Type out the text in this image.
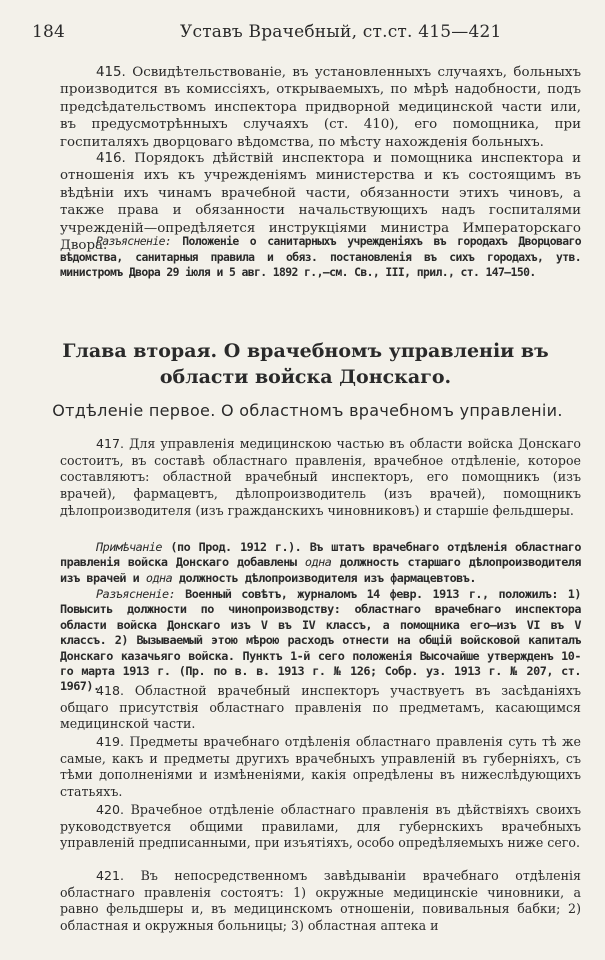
184	Уставъ Врачебный, ст.ст. 415—421

415. Освидѣтельствованіе, въ установленныхъ случаяхъ, больныхъ производится въ комиссіяхъ, открываемыхъ, по мѣрѣ надобности, подъ предсѣдательствомъ инспектора придворной медицинской части или, въ предусмотрѣнныхъ случаяхъ (ст. 410), его помощника, при госпиталяхъ дворцоваго вѣдомства, по мѣсту нахожденія больныхъ.

416. Порядокъ дѣйствій инспектора и помощника инспектора и отношенія ихъ къ учрежденіямъ министерства и къ состоящимъ въ вѣдѣніи ихъ чинамъ врачебной части, обязанности этихъ чиновъ, а также права и обязанности начальствующихъ надъ госпиталями учрежденій—опредѣляется инструкціями министра Императорскаго Двора.

Разъясненіе: Положеніе о санитарныхъ учрежденіяхъ въ городахъ Дворцоваго вѣдомства, санитарныя правила и обяз. постановленія въ сихъ городахъ, утв. министромъ Двора 29 іюля и 5 авг. 1892 г.,—см. Св., III, прил., ст. 147—150.

Глава вторая. О врачебномъ управленіи въ области войска Донскаго.
Отдѣленіе первое. О областномъ врачебномъ управленіи.

417. Для управленія медицинскою частью въ области войска Донскаго состоитъ, въ составѣ областнаго правленія, врачебное отдѣленіе, которое составляютъ: областной врачебный инспекторъ, его помощникъ (изъ врачей), фармацевтъ, дѣлопроизводитель (изъ врачей), помощникъ дѣлопроизводителя (изъ гражданскихъ чиновниковъ) и старшіе фельдшеры.

Примѣчаніе (по Прод. 1912 г.). Въ штатъ врачебнаго отдѣленія областнаго правленія войска Донскаго добавлены одна должность старшаго дѣлопроизводителя изъ врачей и одна должность дѣлопроизводителя изъ фармацевтовъ.

Разъясненіе: Военный совѣтъ, журналомъ 14 февр. 1913 г., положилъ: 1) Повысить должности по чинопроизводству: областнаго врачебнаго инспектора области войска Донскаго изъ V въ IV классъ, а помощника его—изъ VI въ V классъ. 2) Вызываемый этою мѣрою расходъ отнести на общій войсковой капиталъ Донскаго казачьяго войска. Пунктъ 1-й сего положенія Высочайше утвержденъ 10-го марта 1913 г. (Пр. по в. в. 1913 г. № 126; Собр. уз. 1913 г. № 207, ст. 1967).

418. Областной врачебный инспекторъ участвуетъ въ засѣданіяхъ общаго присутствія областнаго правленія по предметамъ, касающимся медицинской части.

419. Предметы врачебнаго отдѣленія областнаго правленія суть тѣ же самые, какъ и предметы другихъ врачебныхъ управленій въ губерніяхъ, съ тѣми дополненіями и измѣненіями, какія опредѣлены въ нижеслѣдующихъ статьяхъ.

420. Врачебное отдѣленіе областнаго правленія въ дѣйствіяхъ своихъ руководствуется общими правилами, для губернскихъ врачебныхъ управленій предписанными, при изъятіяхъ, особо опредѣляемыхъ ниже сего.

421. Въ непосредственномъ завѣдываніи врачебнаго отдѣленія областнаго правленія состоятъ: 1) окружные медицинскіе чиновники, а равно фельдшеры и, въ медицинскомъ отношеніи, повивальныя бабки; 2) областная и окружныя больницы; 3) областная аптека и
